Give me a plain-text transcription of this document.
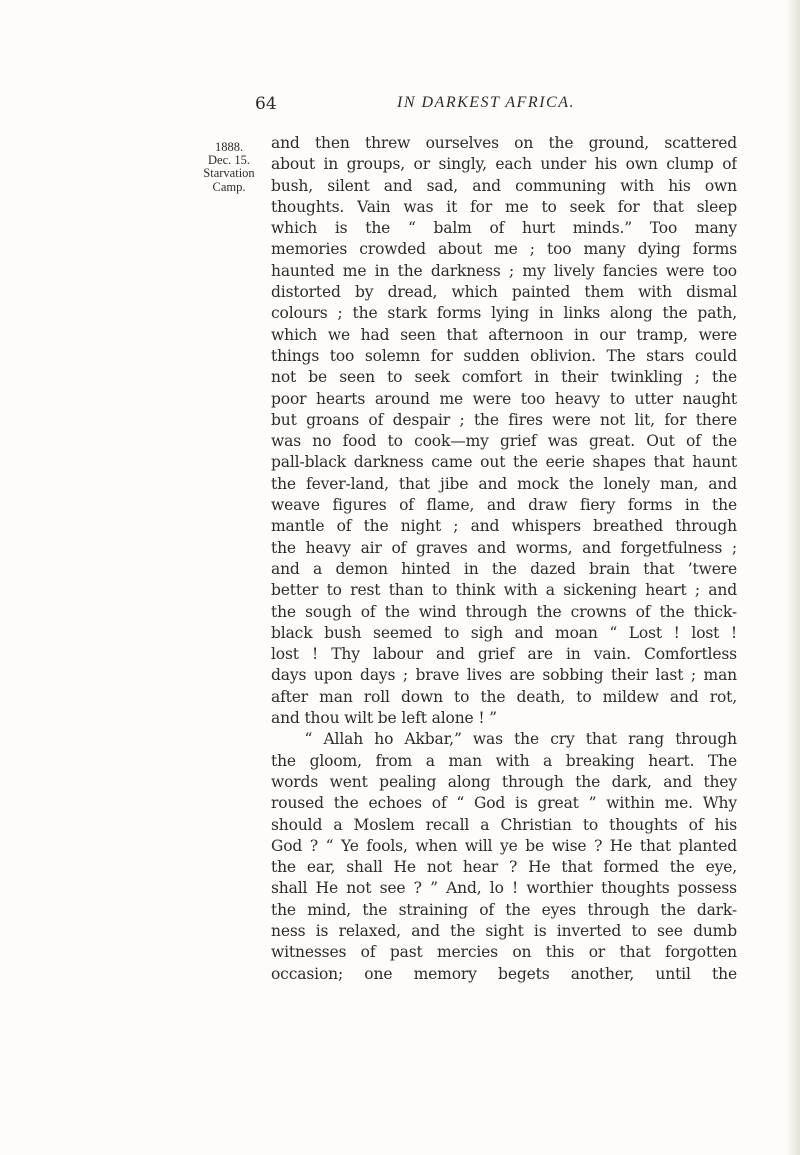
64	IN DARKEST AFRICA.
1888.
Dec. 15.
Starvation
Camp.
and then threw ourselves on the ground, scattered
about in groups, or singly, each under his own clump of
bush, silent and sad, and communing with his own
thoughts. Vain was it for me to seek for that sleep
which is the “ balm of hurt minds.” Too many
memories crowded about me ; too many dying forms
haunted me in the darkness ; my lively fancies were too
distorted by dread, which painted them with dismal
colours ; the stark forms lying in links along the path,
which we had seen that afternoon in our tramp, were
things too solemn for sudden oblivion. The stars could
not be seen to seek comfort in their twinkling ; the
poor hearts around me were too heavy to utter naught
but groans of despair ; the fires were not lit, for there
was no food to cook—my grief was great. Out of the
pall-black darkness came out the eerie shapes that haunt
the fever-land, that jibe and mock the lonely man, and
weave figures of flame, and draw fiery forms in the
mantle of the night ; and whispers breathed through
the heavy air of graves and worms, and forgetfulness ;
and a demon hinted in the dazed brain that ’twere
better to rest than to think with a sickening heart ; and
the sough of the wind through the crowns of the thick-
black bush seemed to sigh and moan “ Lost ! lost !
lost ! Thy labour and grief are in vain. Comfortless
days upon days ; brave lives are sobbing their last ; man
after man roll down to the death, to mildew and rot,
and thou wilt be left alone ! ”
“ Allah ho Akbar,” was the cry that rang through
the gloom, from a man with a breaking heart. The
words went pealing along through the dark, and they
roused the echoes of “ God is great ” within me. Why
should a Moslem recall a Christian to thoughts of his
God ? “ Ye fools, when will ye be wise ? He that planted
the ear, shall He not hear ? He that formed the eye,
shall He not see ? ” And, lo ! worthier thoughts possess
the mind, the straining of the eyes through the dark-
ness is relaxed, and the sight is inverted to see dumb
witnesses of past mercies on this or that forgotten
occasion; one memory begets another, until the
